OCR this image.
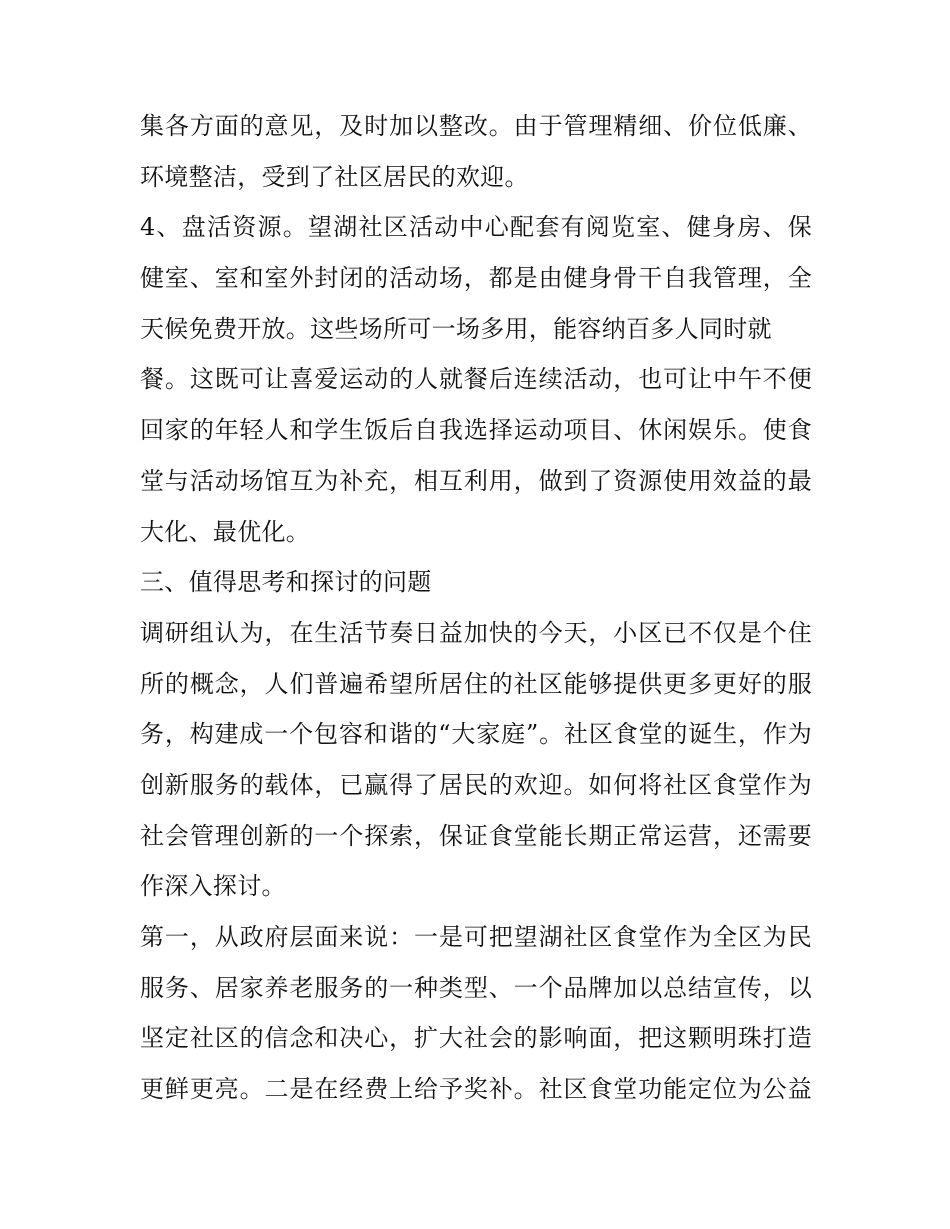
集各方面的意见，及时加以整改。由于管理精细、价位低廉、
环境整洁，受到了社区居民的欢迎。
4、盘活资源。望湖社区活动中心配套有阅览室、健身房、保
健室、室和室外封闭的活动场，都是由健身骨干自我管理，全
天候免费开放。这些场所可一场多用，能容纳百多人同时就
餐。这既可让喜爱运动的人就餐后连续活动，也可让中午不便
回家的年轻人和学生饭后自我选择运动项目、休闲娱乐。使食
堂与活动场馆互为补充，相互利用，做到了资源使用效益的最
大化、最优化。
三、值得思考和探讨的问题
调研组认为，在生活节奏日益加快的今天，小区已不仅是个住
所的概念，人们普遍希望所居住的社区能够提供更多更好的服
务，构建成一个包容和谐的“大家庭”。社区食堂的诞生，作为
创新服务的载体，已赢得了居民的欢迎。如何将社区食堂作为
社会管理创新的一个探索，保证食堂能长期正常运营，还需要
作深入探讨。
第一，从政府层面来说：一是可把望湖社区食堂作为全区为民
服务、居家养老服务的一种类型、一个品牌加以总结宣传，以
坚定社区的信念和决心，扩大社会的影响面，把这颗明珠打造
更鲜更亮。二是在经费上给予奖补。社区食堂功能定位为公益
